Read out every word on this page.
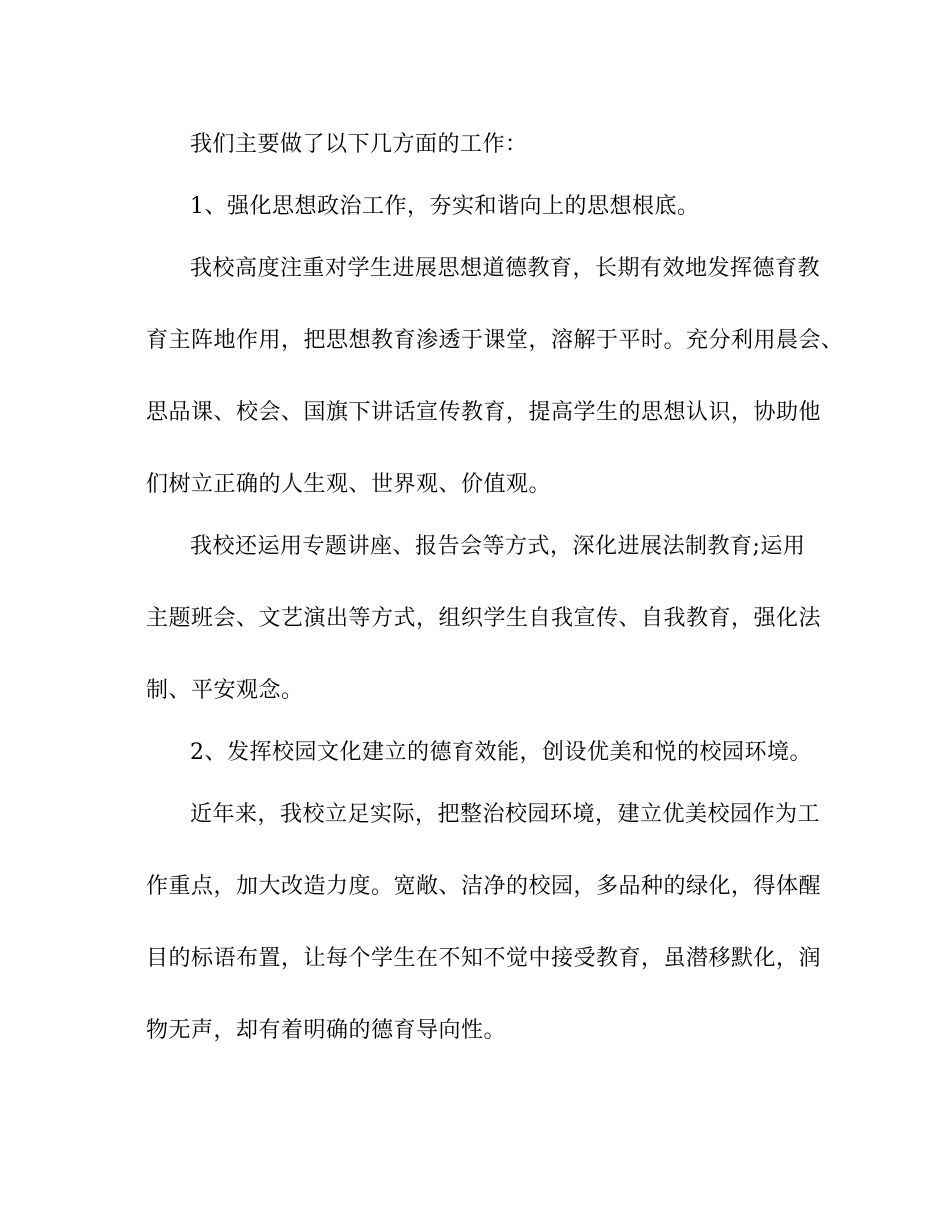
我们主要做了以下几方面的工作：
1、强化思想政治工作，夯实和谐向上的思想根底。
我校高度注重对学生进展思想道德教育，长期有效地发挥德育教
育主阵地作用，把思想教育渗透于课堂，溶解于平时。充分利用晨会、
思品课、校会、国旗下讲话宣传教育，提高学生的思想认识，协助他
们树立正确的人生观、世界观、价值观。
我校还运用专题讲座、报告会等方式，深化进展法制教育;运用
主题班会、文艺演出等方式，组织学生自我宣传、自我教育，强化法
制、平安观念。
2、发挥校园文化建立的德育效能，创设优美和悦的校园环境。
近年来，我校立足实际，把整治校园环境，建立优美校园作为工
作重点，加大改造力度。宽敞、洁净的校园，多品种的绿化，得体醒
目的标语布置，让每个学生在不知不觉中接受教育，虽潜移默化，润
物无声，却有着明确的德育导向性。
